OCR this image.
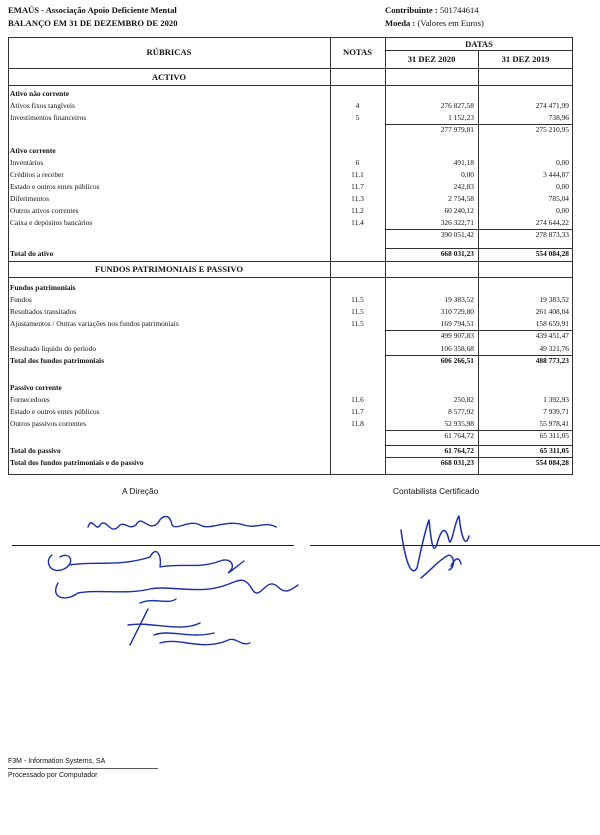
EMAÚS - Associação Apoio Deficiente Mental
BALANÇO EM 31 DE DEZEMBRO DE 2020
Contribuinte : 501744614
Moeda : (Valores em Euros)
RÚBRICAS	NOTAS
DATAS
31 DEZ 2020	31 DEZ 2019
ACTIVO
FUNDOS PATRIMONIAIS E PASSIVO
Ativo não corrente
Ativos fixos tangíveis	4	276 827,58	274 471,99
Investimentos financeiros	5	1 152,23	738,96
277 979,81	275 210,95
Ativo corrente
Inventários	6	491,18	0,00
Créditos a receber	11.1	0,00	3 444,07
Estado e outros entes públicos	11.7	242,83	0,00
Diferimentos	11.3	2 754,58	785,04
Outros ativos correntes	11.2	60 240,12	0,00
Caixa e depósitos bancários	11.4	326 322,71	274 644,22
390 051,42	278 873,33
Total do ativo	668 031,23	554 084,28
Fundos patrimoniais
Fundos	11.5	19 383,52	19 383,52
Resultados transitados	11.5	310 729,80	261 408,04
Ajustamentos / Outras variações nos fundos patrimoniais	11.5	169 794,51	158 659,91
499 907,83	439 451,47
Resultado líquido do período	106 358,68	49 321,76
Total dos fundos patrimoniais	606 266,51	488 773,23
Passivo corrente
Fornecedores	11.6	250,82	1 392,93
Estado e outros entes públicos	11.7	8 577,92	7 939,71
Outros passivos correntes	11.8	52 935,98	55 978,41
61 764,72	65 311,05
Total do passivo	61 764,72	65 311,05
Total dos fundos patrimoniais e do passivo	668 031,23	554 084,28
A Direção	Contabilista Certificado
F3M - Information Systems, SA
Processado por Computador
